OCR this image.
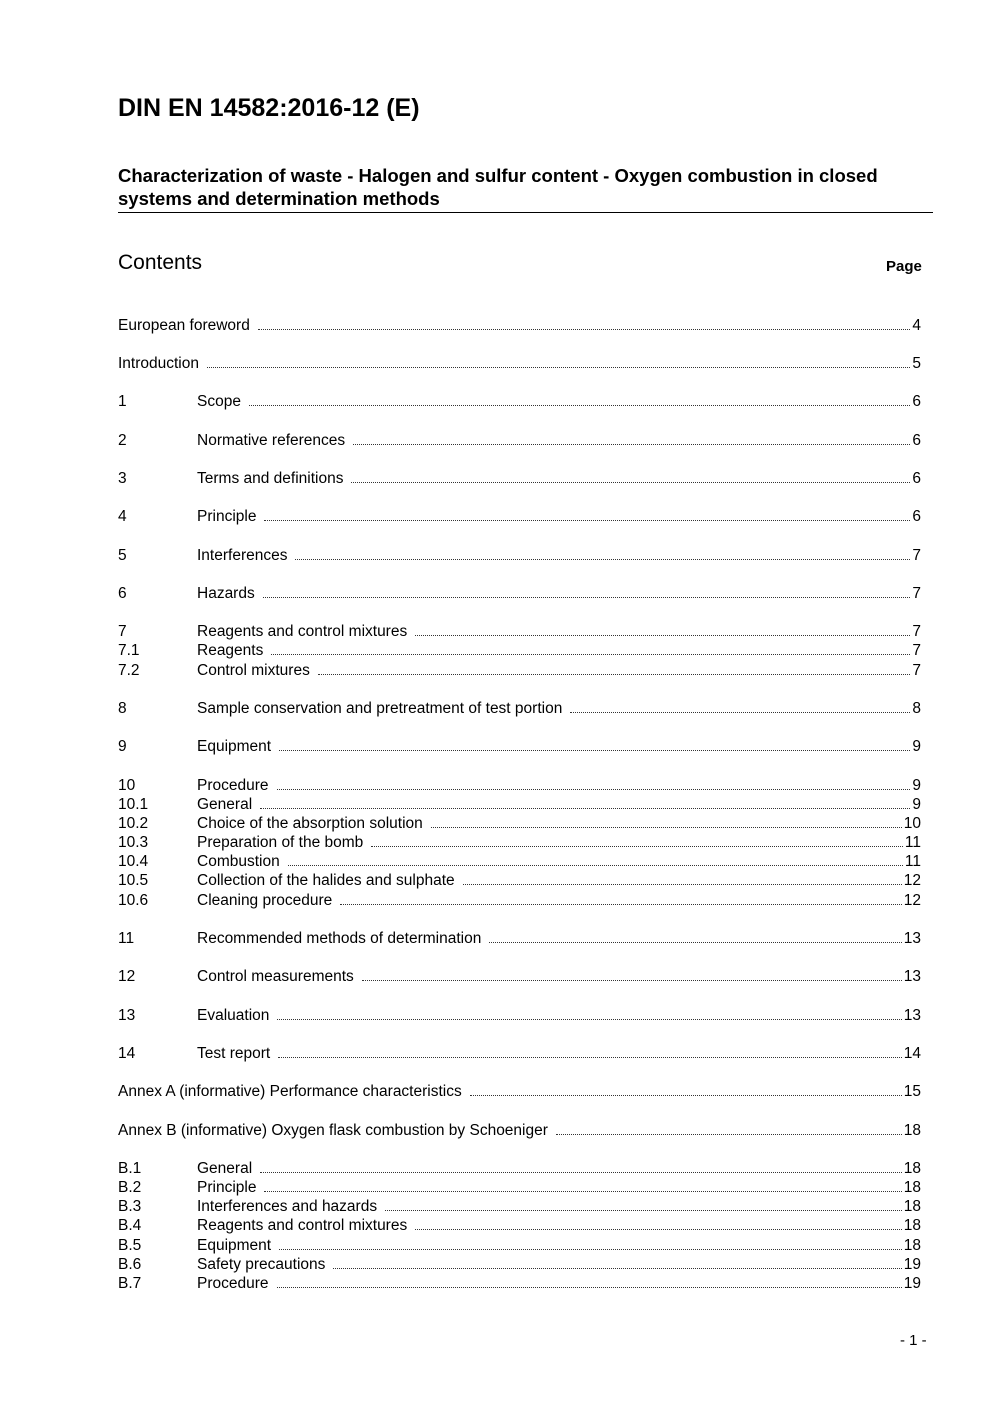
DIN EN 14582:2016-12 (E)
Characterization of waste - Halogen and sulfur content - Oxygen combustion in closed systems and determination methods
Contents	Page
European foreword	4
Introduction	5
1	Scope	6
2	Normative references	6
3	Terms and definitions	6
4	Principle	6
5	Interferences	7
6	Hazards	7
7	Reagents and control mixtures	7
7.1	Reagents	7
7.2	Control mixtures	7
8	Sample conservation and pretreatment of test portion	8
9	Equipment	9
10	Procedure	9
10.1	General	9
10.2	Choice of the absorption solution	10
10.3	Preparation of the bomb	11
10.4	Combustion	11
10.5	Collection of the halides and sulphate	12
10.6	Cleaning procedure	12
11	Recommended methods of determination	13
12	Control measurements	13
13	Evaluation	13
14	Test report	14
Annex A (informative) Performance characteristics	15
Annex B (informative) Oxygen flask combustion by Schoeniger	18
B.1	General	18
B.2	Principle	18
B.3	Interferences and hazards	18
B.4	Reagents and control mixtures	18
B.5	Equipment	18
B.6	Safety precautions	19
B.7	Procedure	19
- 1 -
